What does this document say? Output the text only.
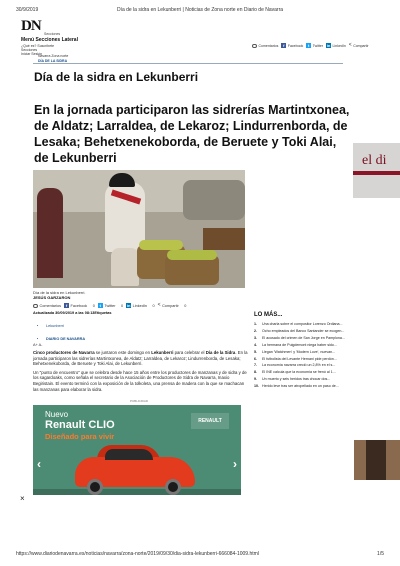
30/9/2019	Día de la sidra en Lekunberri | Noticias de Zona norte en Diario de Navarra
DN Secciones
Menú Secciones Lateral
¿Qué es? Suscríbete
Secciones
Iniciar Sesión
Navarra Zona norte
DÍA DE LA SIDRA
Comentarios	f Facebook	t Twitter in LinkedIn < Compartir
Día de la sidra en Lekunberri
En la jornada participaron las sidrerías Martintxonea, de Aldatz; Larraldea, de Lekaroz; Lindurrenborda, de Lesaka; Behetxenekoborda, de Beruete y Toki Alai, de Lekunberri	el di
Día de la sidra en Lekunberri.
JESÚS GARZARON
Comentarios	f Facebook 0	t Twitter 0 in LinkedIn 0 < Compartir 0
Actualizada 30/09/2019 a las 08:13Etiquetas
• Lekunberri
• DIARIO DE NAVARRA
A+ A-

Cinco productores de Navarra se juntaron este domingo en Lekunberri para celebrar el Día de la Sidra. En la jornada participaron las sidrerías Martintxonea, de Aldatz; Larraldea, de Lekaroz; Lindurrenborda, de Lesaka; Behetxenekoborda, de Beruete y Toki Alai, de Lekunberri.

Un "punto de encuentro" que se celebra desde hace 15 años entre los productores de manzanas y de sidra y de los sagardoaks, como señala el secretario de la Asociación de Productores de Sidra de Navarra, Inaxio Begiristain. El evento terminó con la exposición de la tolkoleta, una prensa de madera con la que se machacan las manzanas para elaborar la sidra.

PUBLICIDAD
Nuevo
Renault CLIO
Diseñado para vivir
RENAULT
‹	›
×
LO MÁS...
1.	Una charla sobre el compositor Lorenzo Ordiana...
2.	Ocho empleados del Banco Santander se ecogen...
3.	El acusado del crimen de San Jorge en Pamplona...
4.	La hermana de Puigdemont niega haber sido...
5.	Llegan 'Watchmen' y 'Modern Love', nuevan...
6.	El futbolista del Levante Hernani pide perdón...
7.	La economía navarra creció un 2,8% en el s...
8.	El INE calcula que la economía se frenó al 1...
9.	Un muerto y seis heridos tras chocar dos...
10. Herido leve tras ser atropellado en un paso de...
https://www.diariodenavarra.es/noticias/navarra/zona-norte/2019/09/30/dia-sidra-lekunberri-666084-1009.html	1/5
